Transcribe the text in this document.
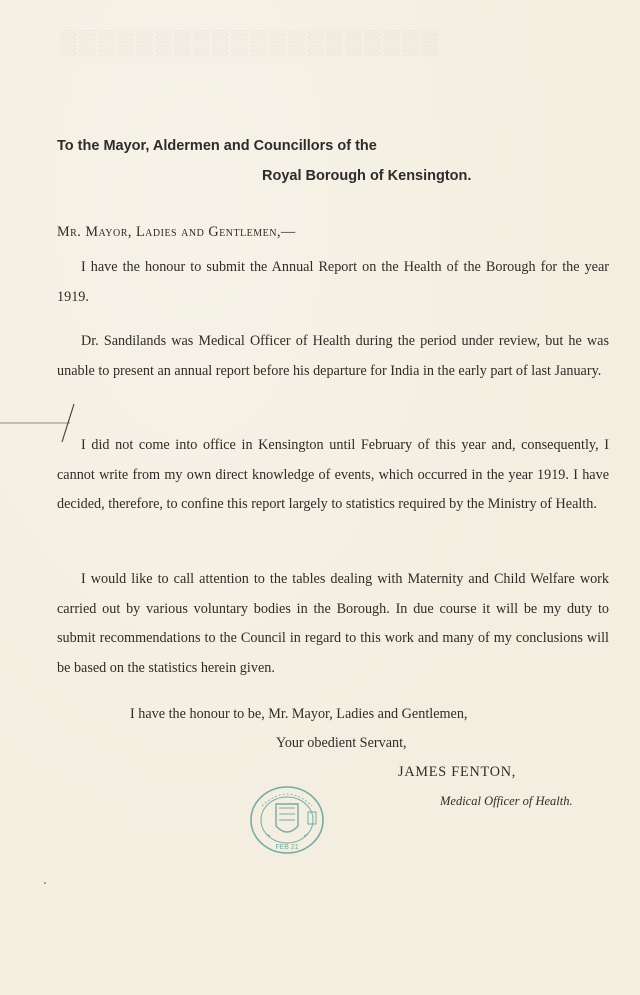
▒▒▒▒▒▒▒▒▒▒▒▒▒▒▒▒▒▒▒▒
To the Mayor, Aldermen and Councillors of the
Royal Borough of Kensington.
Mr. Mayor, Ladies and Gentlemen,—

I have the honour to submit the Annual Report on the Health of the Borough for the year 1919.

Dr. Sandilands was Medical Officer of Health during the period under review, but he was unable to present an annual report before his departure for India in the early part of last January.

I did not come into office in Kensington until February of this year and, consequently, I cannot write from my own direct knowledge of events, which occurred in the year 1919. I have decided, therefore, to confine this report largely to statistics required by the Ministry of Health.

I would like to call attention to the tables dealing with Maternity and Child Welfare work carried out by various voluntary bodies in the Borough. In due course it will be my duty to submit recommendations to the Council in regard to this work and many of my conclusions will be based on the statistics herein given.

I have the honour to be, Mr. Mayor, Ladies and Gentlemen,
Your obedient Servant,
JAMES FENTON,
Medical Officer of Health.
FEB 21
